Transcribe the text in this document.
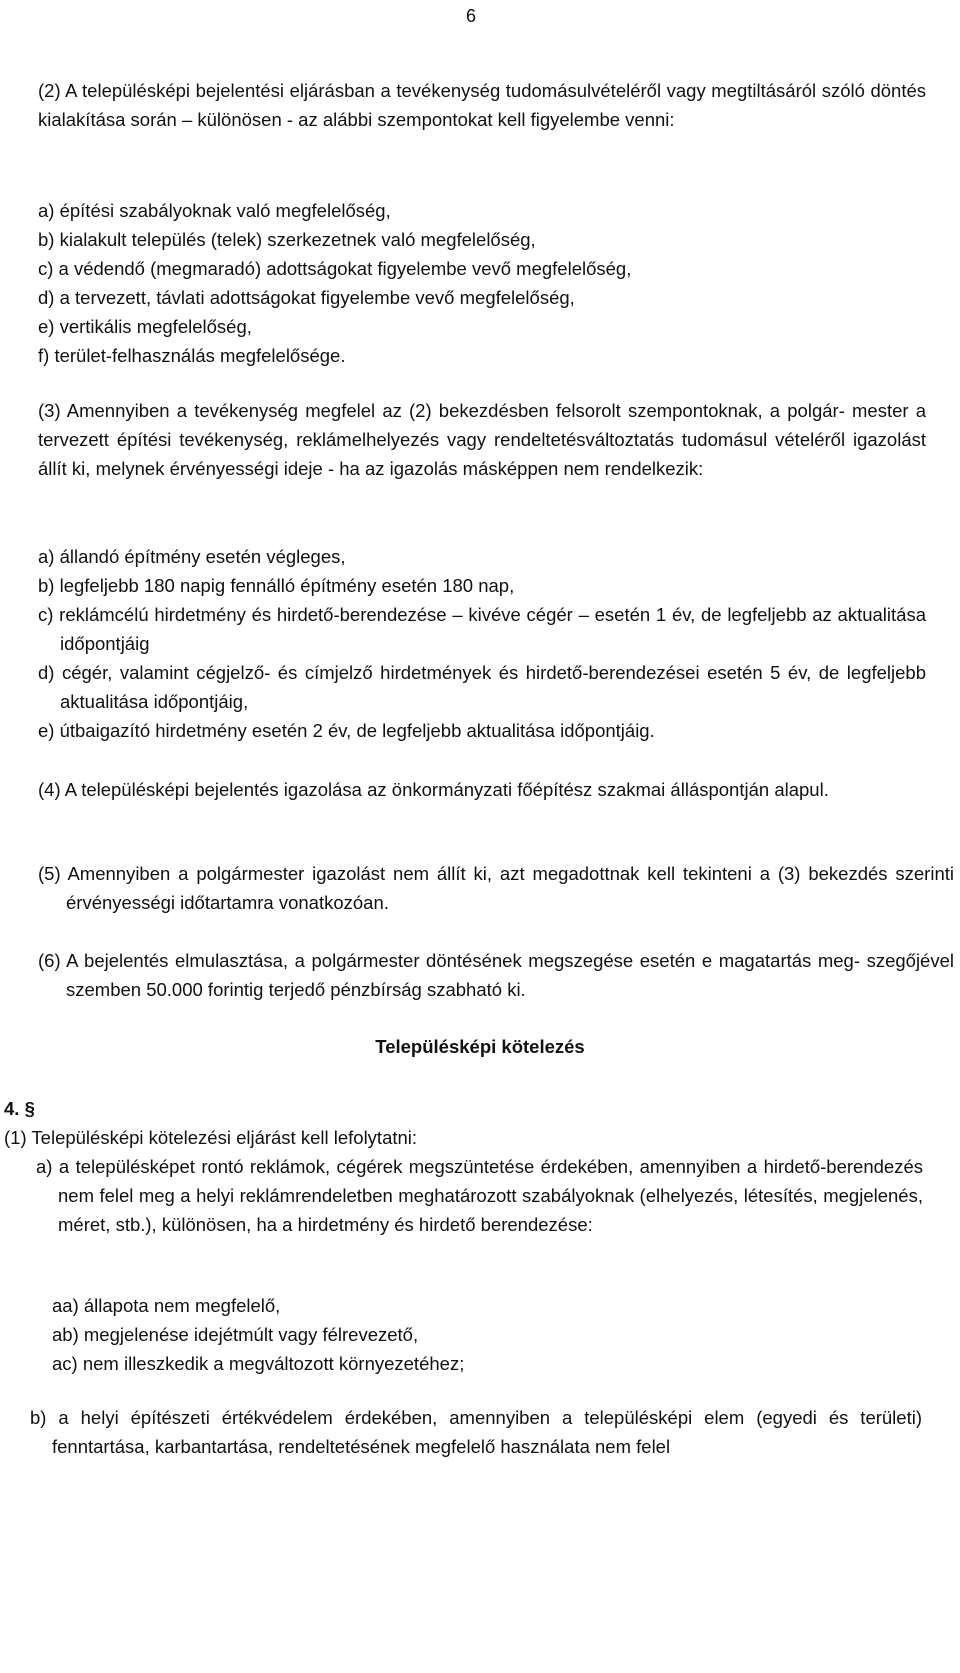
6

(2) A településképi bejelentési eljárásban a tevékenység tudomásulvételéről vagy megtiltásáról szóló döntés kialakítása során – különösen - az alábbi szempontokat kell figyelembe venni:

a) építési szabályoknak való megfelelőség,

b) kialakult település (telek) szerkezetnek való megfelelőség,

c) a védendő (megmaradó) adottságokat figyelembe vevő megfelelőség,

d) a tervezett, távlati adottságokat figyelembe vevő megfelelőség,

e) vertikális megfelelőség,

f) terület-felhasználás megfelelősége.

(3) Amennyiben a tevékenység megfelel az (2) bekezdésben felsorolt szempontoknak, a polgár- mester a tervezett építési tevékenység, reklámelhelyezés vagy rendeltetésváltoztatás tudomásul vételéről igazolást állít ki, melynek érvényességi ideje - ha az igazolás másképpen nem rendelkezik:

a) állandó építmény esetén végleges,

b) legfeljebb 180 napig fennálló építmény esetén 180 nap,

c) reklámcélú hirdetmény és hirdető-berendezése – kivéve cégér – esetén 1 év, de legfeljebb az aktualitása időpontjáig

d) cégér, valamint cégjelző- és címjelző hirdetmények és hirdető-berendezései esetén 5 év, de legfeljebb aktualitása időpontjáig,

e) útbaigazító hirdetmény esetén 2 év, de legfeljebb aktualitása időpontjáig.

(4) A településképi bejelentés igazolása az önkormányzati főépítész szakmai álláspontján alapul.

(5) Amennyiben a polgármester igazolást nem állít ki, azt megadottnak kell tekinteni a (3) bekezdés szerinti érvényességi időtartamra vonatkozóan.

(6) A bejelentés elmulasztása, a polgármester döntésének megszegése esetén e magatartás meg- szegőjével szemben 50.000 forintig terjedő pénzbírság szabható ki.

Településképi kötelezés
4. §
(1) Településképi kötelezési eljárást kell lefolytatni:

a) a településképet rontó reklámok, cégérek megszüntetése érdekében, amennyiben a hirdető-berendezés nem felel meg a helyi reklámrendeletben meghatározott szabályoknak (elhelyezés, létesítés, megjelenés, méret, stb.), különösen, ha a hirdetmény és hirdető berendezése:

aa) állapota nem megfelelő,

ab) megjelenése idejétmúlt vagy félrevezető,

ac) nem illeszkedik a megváltozott környezetéhez;

b) a helyi építészeti értékvédelem érdekében, amennyiben a településképi elem (egyedi és területi) fenntartása, karbantartása, rendeltetésének megfelelő használata nem felel
